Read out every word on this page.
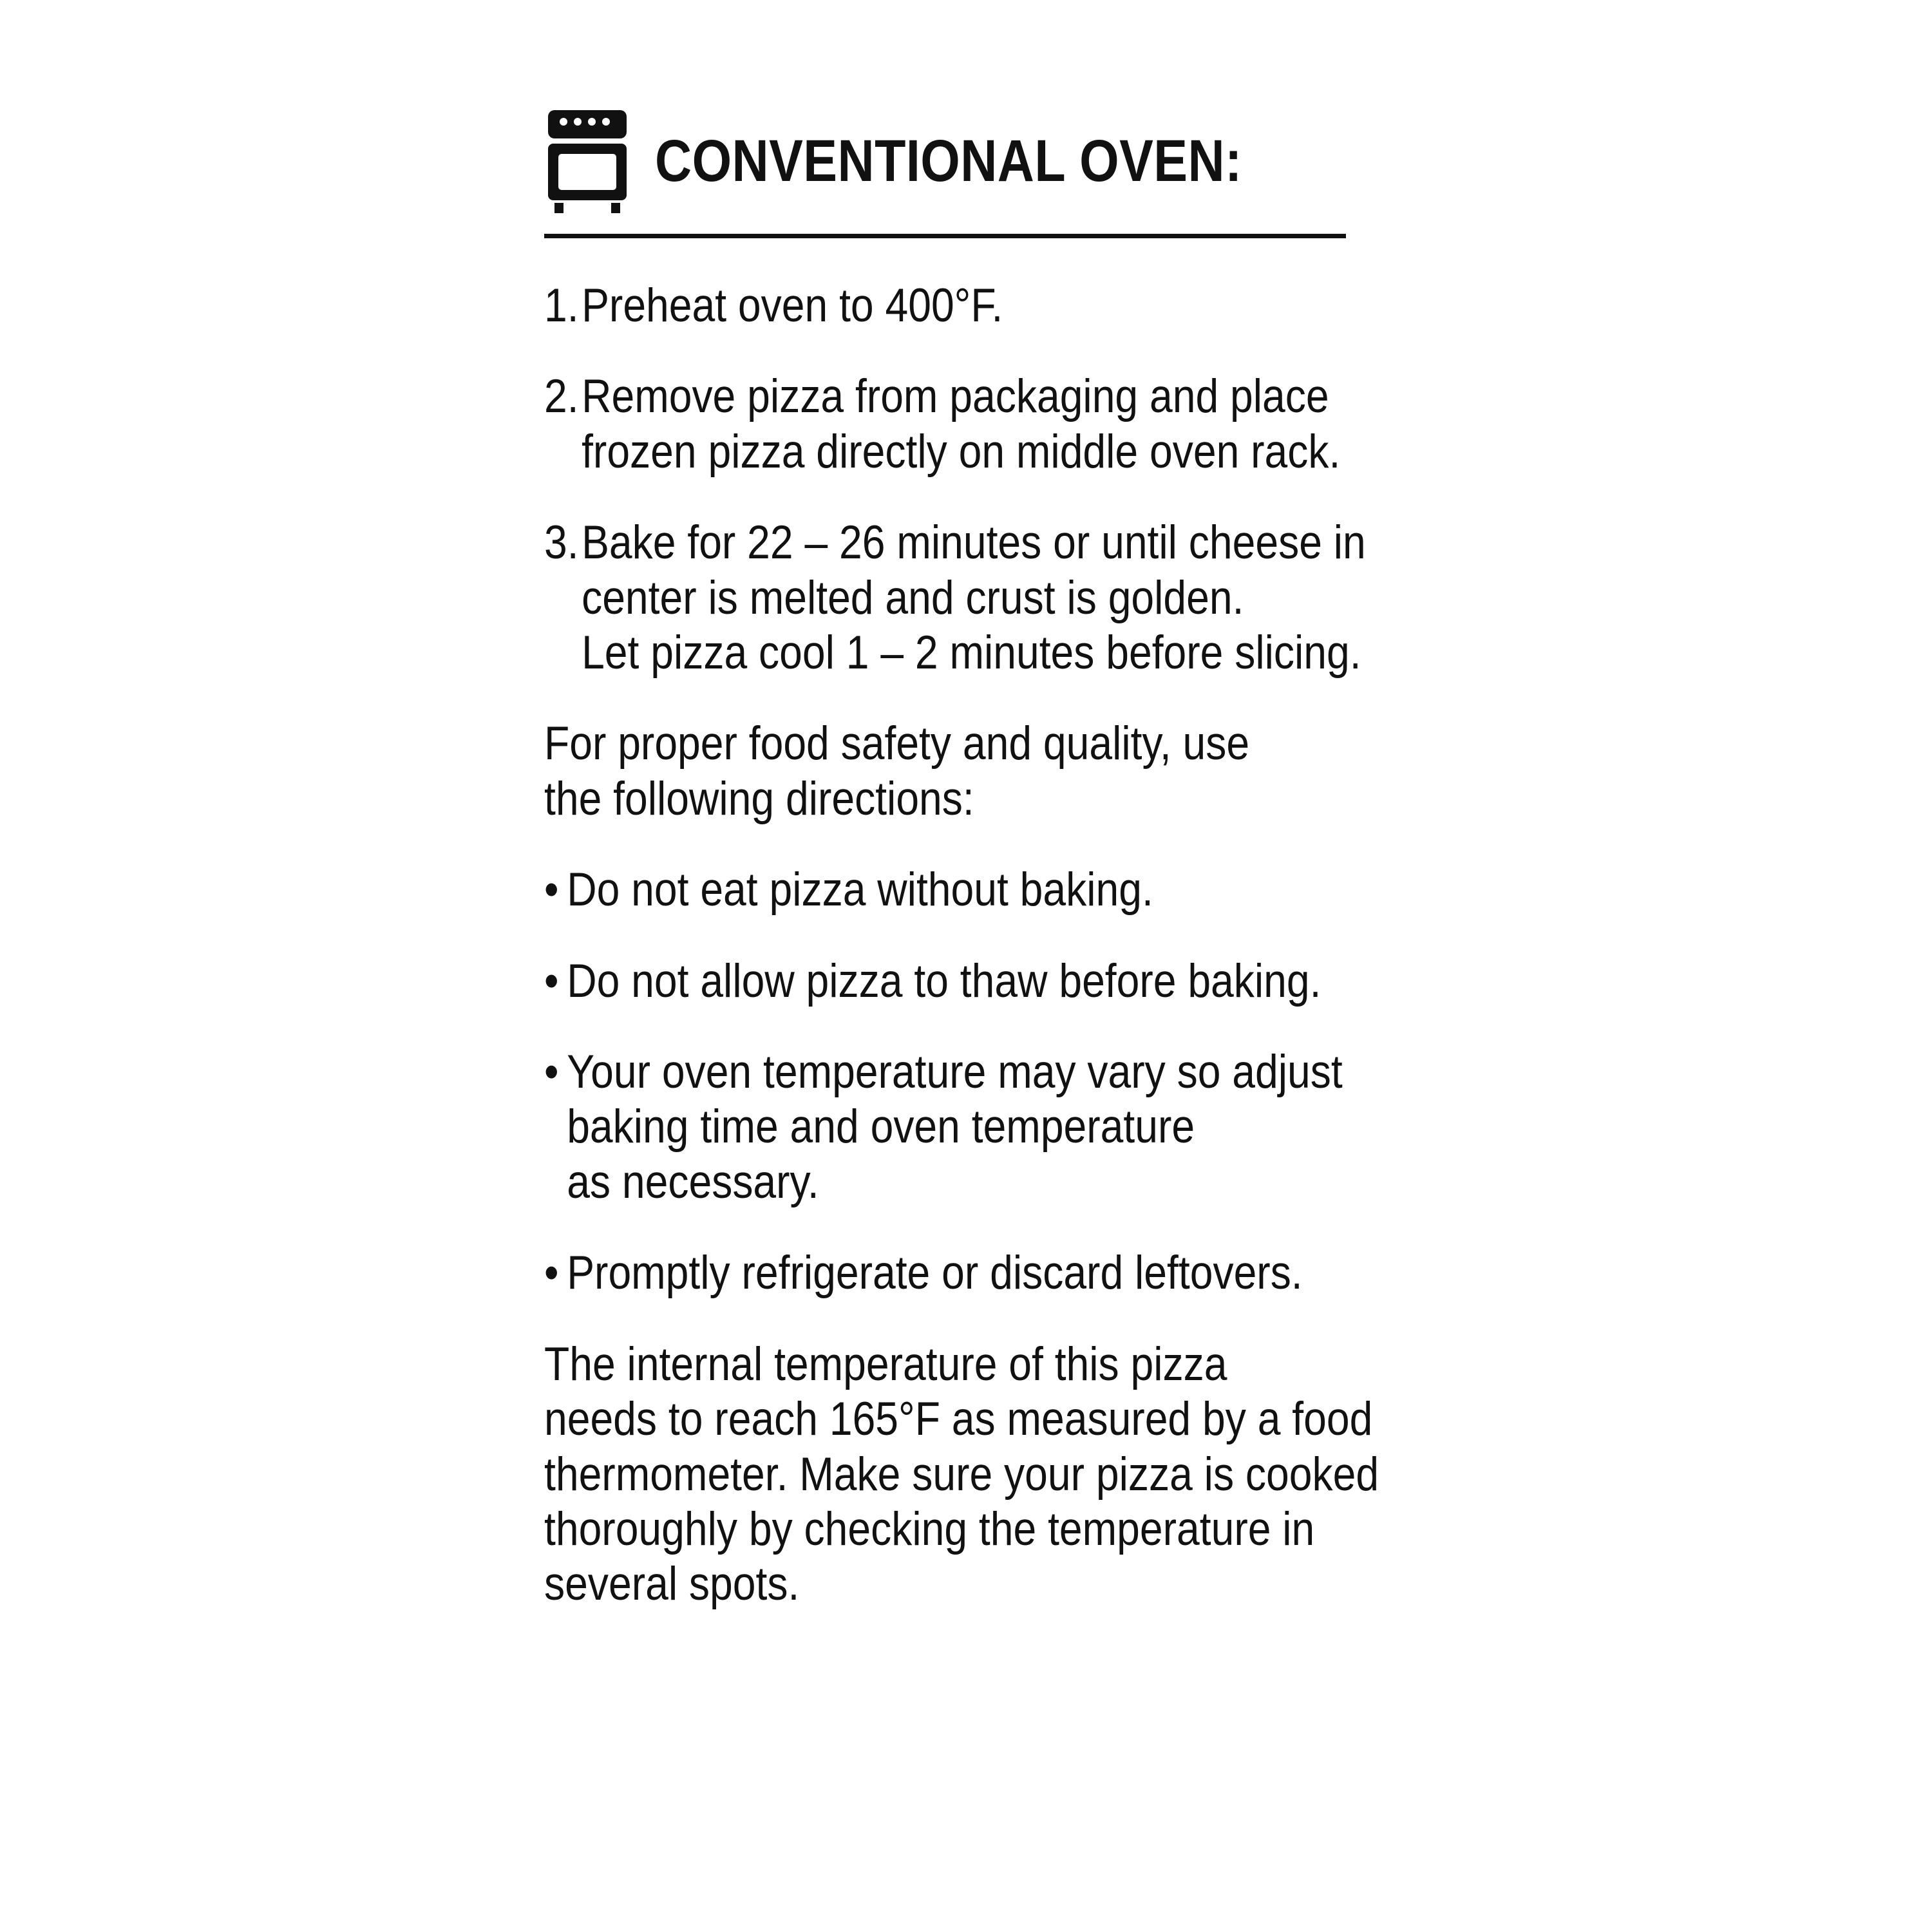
CONVENTIONAL OVEN:
1. Preheat oven to 400°F.
2. Remove pizza from packaging and place
frozen pizza directly on middle oven rack.
3. Bake for 22 – 26 minutes or until cheese in
center is melted and crust is golden.
Let pizza cool 1 – 2 minutes before slicing.
For proper food safety and quality, use
the following directions:
• Do not eat pizza without baking.
• Do not allow pizza to thaw before baking.
• Your oven temperature may vary so adjust
baking time and oven temperature
as necessary.
• Promptly refrigerate or discard leftovers.
The internal temperature of this pizza
needs to reach 165°F as measured by a food
thermometer. Make sure your pizza is cooked
thoroughly by checking the temperature in
several spots.
